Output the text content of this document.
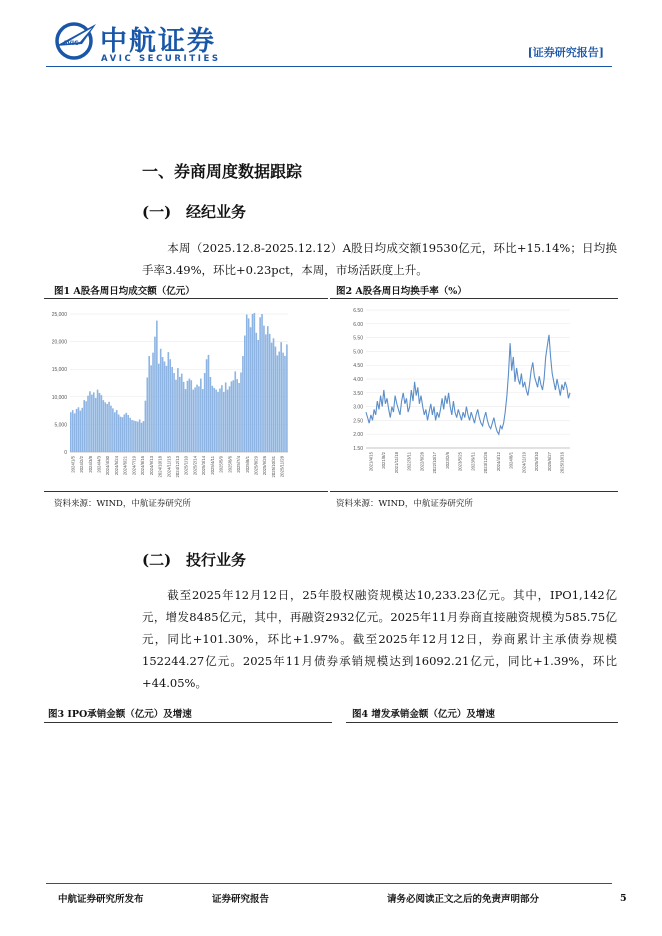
AVIC 中航证券
AVIC SECURITIES	[证券研究报告]
一、券商周度数据跟踪
(一) 经纪业务
本周（2025.12.8-2025.12.12）A股日均成交额19530亿元，环比+15.14%；日均换手率3.49%，环比+0.23pct，本周，市场活跃度上升。
图1 A股各周日均成交额（亿元）
0
5,000
10,000
15,000
20,000
25,000
2024/1/5 2024/2/2 2024/3/8 2024/4/3 2024/4/30 2024/5/24 2024/6/21 2024/7/19 2024/8/16 2024/9/13 2024/10/18 2024/11/15 2024/12/13 2025/1/10 2025/2/14 2025/3/14 2025/4/11 2025/5/9 2025/6/6 2025/7/4 2025/8/1 2025/8/29 2025/9/26 2025/10/31 2025/11/28
资料来源：WIND，中航证券研究所
图2 A股各周日均换手率（%）
1.50
2.00
2.50
3.00
3.50
4.00
4.50
5.00
5.50
6.00
6.50
2021/4/15 2021/8/2 2021/11/18 2022/3/11 2022/6/28 2022/10/17 2023/2/6 2023/5/25 2023/9/11 2023/12/26 2024/4/12 2024/8/1 2024/11/19 2025/3/10 2025/6/27 2025/10/16
资料来源：WIND，中航证券研究所
(二) 投行业务
截至2025年12月12日，25年股权融资规模达10,233.23亿元。其中，IPO1,142亿元，增发8485亿元，其中，再融资2932亿元。2025年11月券商直接融资规模为585.75亿元，同比+101.30%，环比+1.97%。截至2025年12月12日，券商累计主承债券规模152244.27亿元。2025年11月债券承销规模达到16092.21亿元，同比+1.39%，环比+44.05%。
图3 IPO承销金额（亿元）及增速	图4 增发承销金额（亿元）及增速
中航证券研究所发布	证券研究报告	请务必阅读正文之后的免责声明部分	5
